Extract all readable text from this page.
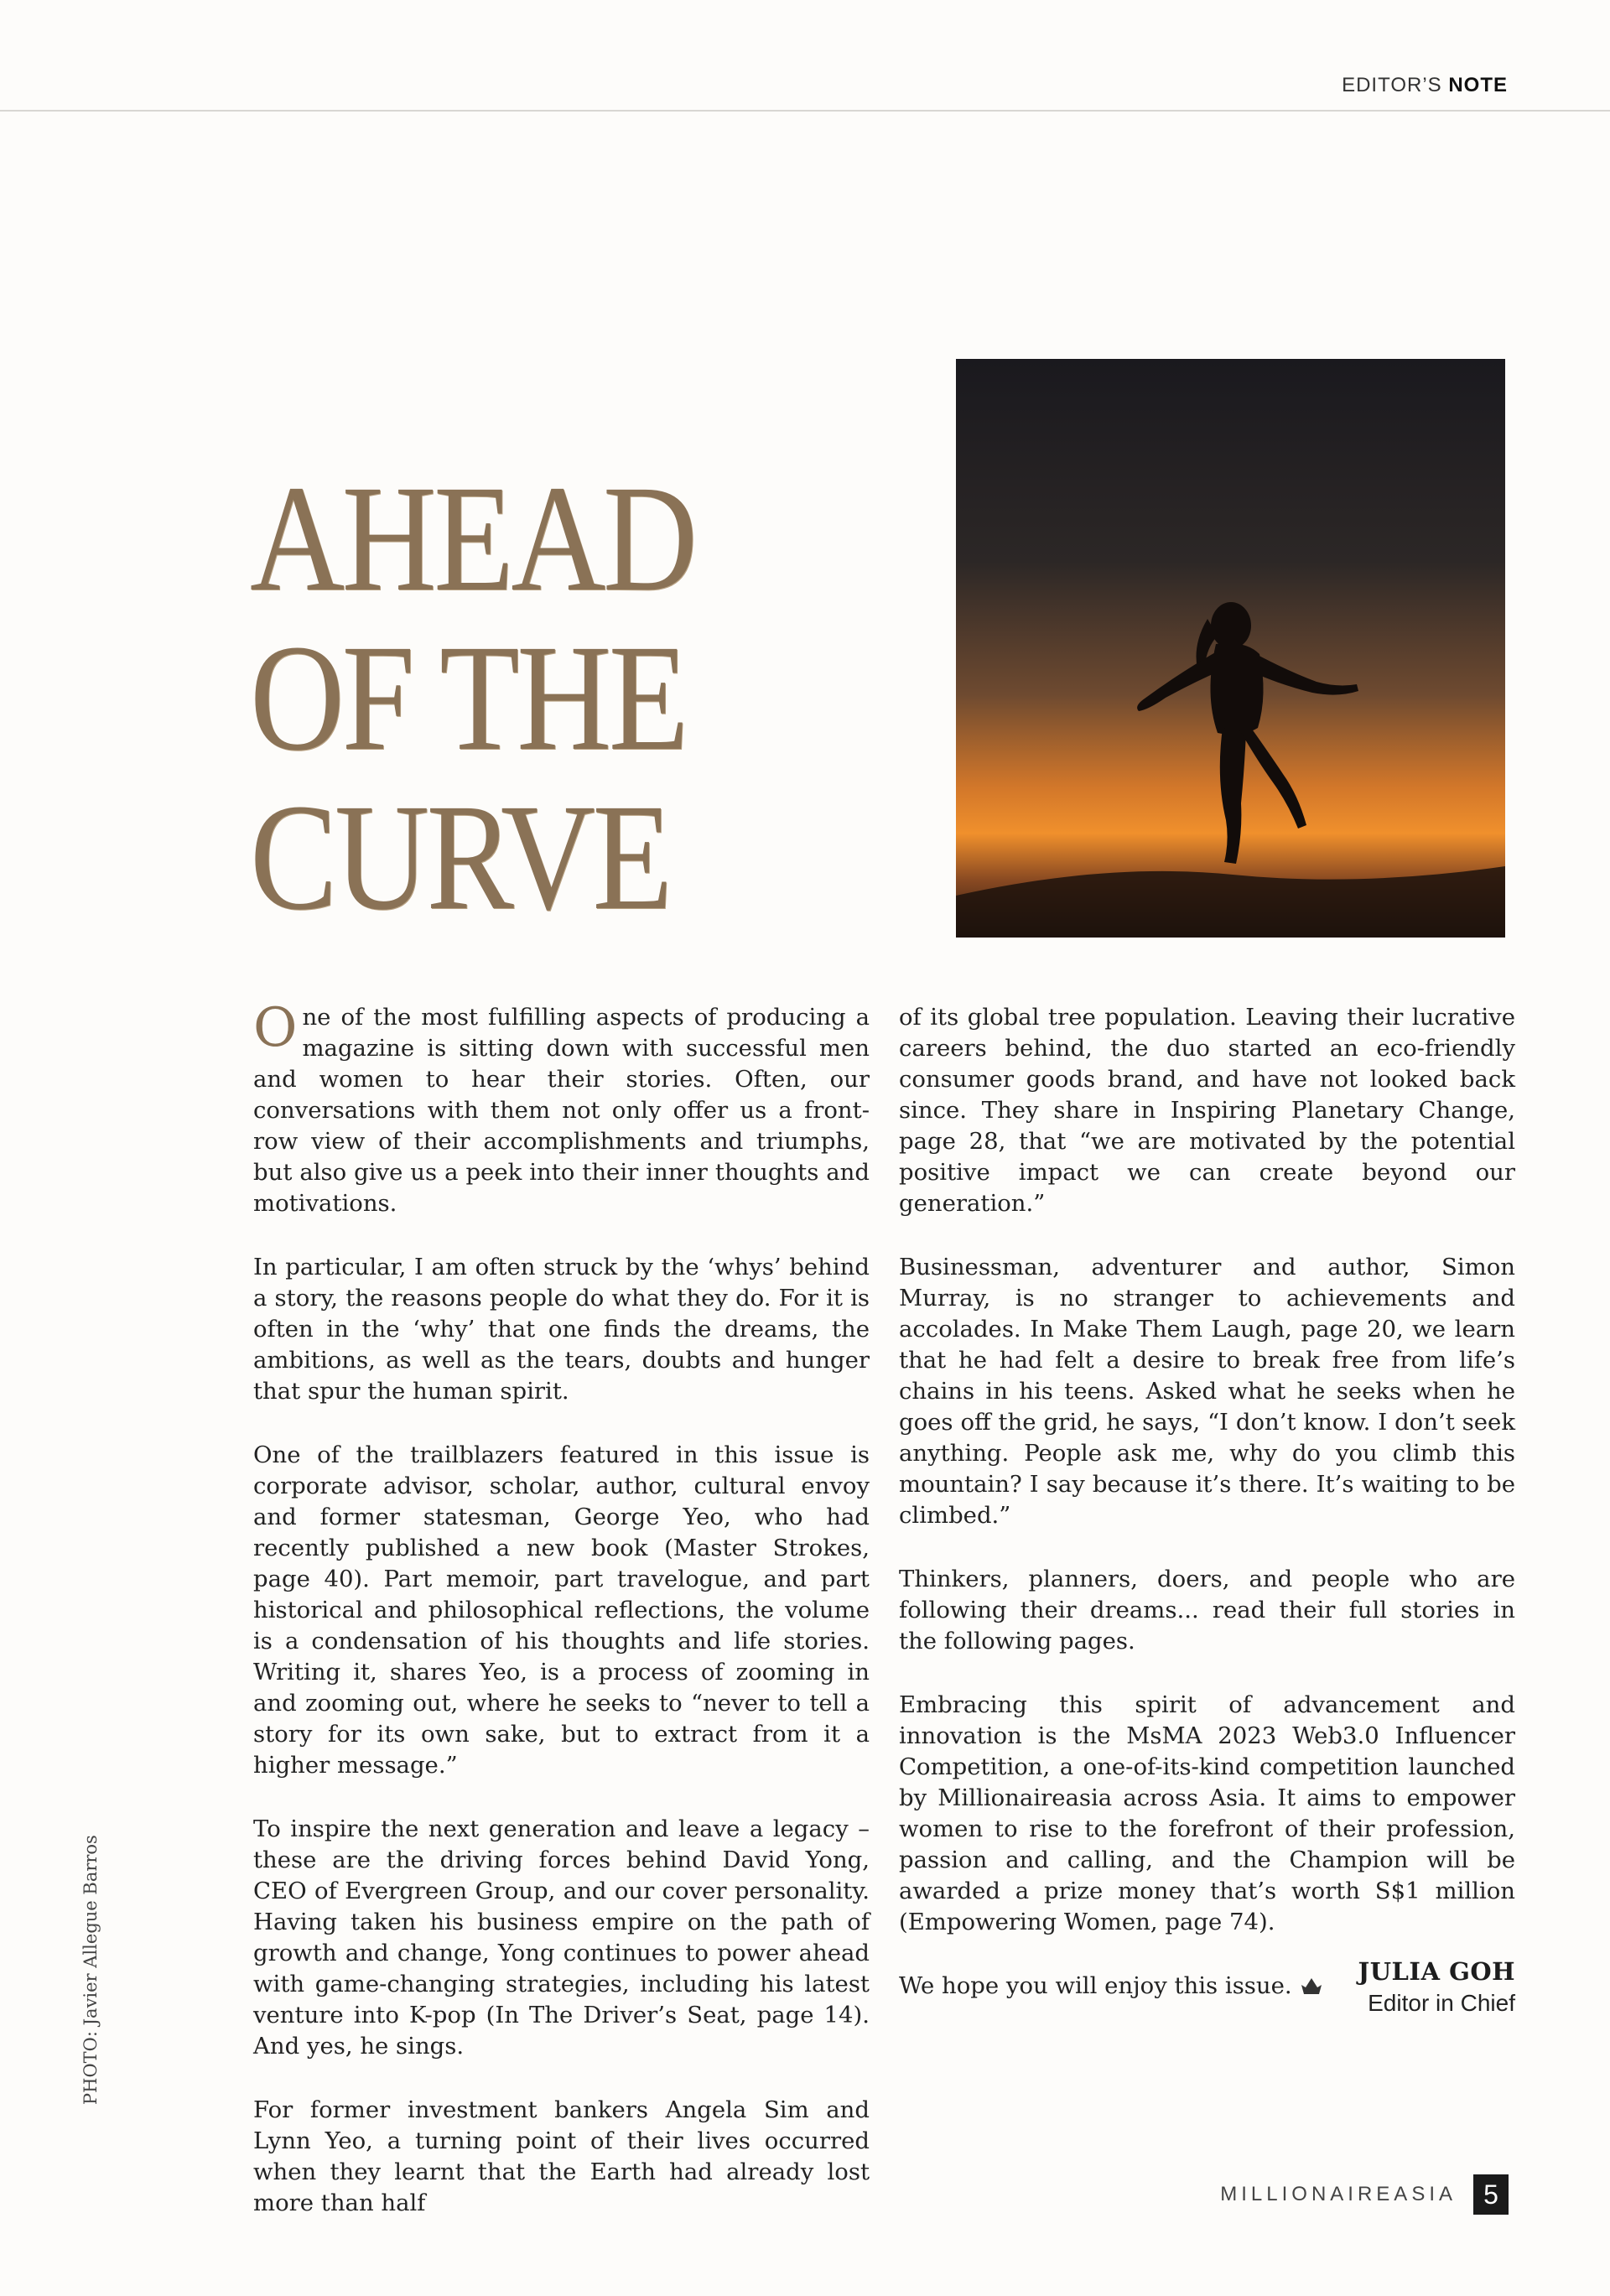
EDITOR’S NOTE
AHEAD
OF THE
CURVE

One of the most fulfilling aspects of producing a magazine is sitting down with successful men and women to hear their stories. Often, our conversations with them not only offer us a front-row view of their accomplishments and triumphs, but also give us a peek into their inner thoughts and motivations.

In particular, I am often struck by the ‘whys’ behind a story, the reasons people do what they do. For it is often in the ‘why’ that one finds the dreams, the ambitions, as well as the tears, doubts and hunger that spur the human spirit.

One of the trailblazers featured in this issue is corporate advisor, scholar, author, cultural envoy and former statesman, George Yeo, who had recently published a new book (Master Strokes, page 40). Part memoir, part travelogue, and part historical and philosophical reflections, the volume is a condensation of his thoughts and life stories. Writing it, shares Yeo, is a process of zooming in and zooming out, where he seeks to “never to tell a story for its own sake, but to extract from it a higher message.”

To inspire the next generation and leave a legacy – these are the driving forces behind David Yong, CEO of Evergreen Group, and our cover personality. Having taken his business empire on the path of growth and change, Yong continues to power ahead with game-changing strategies, including his latest venture into K-pop (In The Driver’s Seat, page 14). And yes, he sings.

For former investment bankers Angela Sim and Lynn Yeo, a turning point of their lives occurred when they learnt that the Earth had already lost more than half

of its global tree population. Leaving their lucrative careers behind, the duo started an eco-friendly consumer goods brand, and have not looked back since. They share in Inspiring Planetary Change, page 28, that “we are motivated by the potential positive impact we can create beyond our generation.”

Businessman, adventurer and author, Simon Murray, is no stranger to achievements and accolades. In Make Them Laugh, page 20, we learn that he had felt a desire to break free from life’s chains in his teens. Asked what he seeks when he goes off the grid, he says, “I don’t know. I don’t seek anything. People ask me, why do you climb this mountain? I say because it’s there. It’s waiting to be climbed.”

Thinkers, planners, doers, and people who are following their dreams... read their full stories in the following pages.

Embracing this spirit of advancement and innovation is the MsMA 2023 Web3.0 Influencer Competition, a one-of-its-kind competition launched by Millionaireasia across Asia. It aims to empower women to rise to the forefront of their profession, passion and calling, and the Champion will be awarded a prize money that’s worth S$1 million (Empowering Women, page 74).

We hope you will enjoy this issue.	JULIA GOH
Editor in Chief
PHOTO: Javier Allegue Barros
MILLIONAIREASIA	5
